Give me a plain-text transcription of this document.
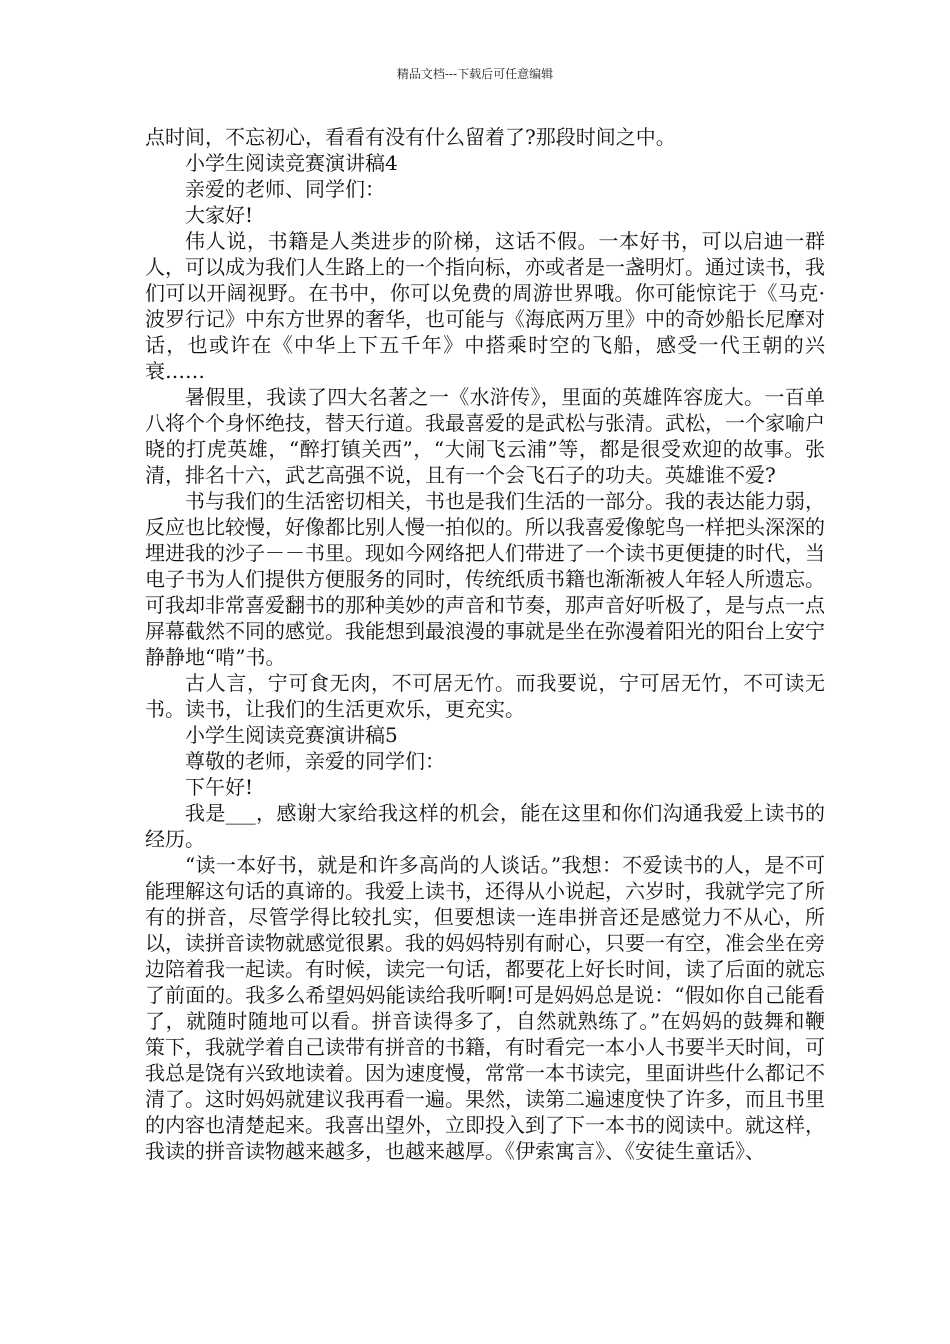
精品文档---下载后可任意编辑

点时间，不忘初心，看看有没有什么留着了?那段时间之中。

小学生阅读竞赛演讲稿4

亲爱的老师、同学们：

大家好!

伟人说，书籍是人类进步的阶梯，这话不假。一本好书，可以启迪一群人，可以成为我们人生路上的一个指向标，亦或者是一盏明灯。通过读书，我们可以开阔视野。在书中，你可以免费的周游世界哦。你可能惊诧于《马克·波罗行记》中东方世界的奢华，也可能与《海底两万里》中的奇妙船长尼摩对话，也或许在《中华上下五千年》中搭乘时空的飞船，感受一代王朝的兴衰……

暑假里，我读了四大名著之一《水浒传》，里面的英雄阵容庞大。一百单八将个个身怀绝技，替天行道。我最喜爱的是武松与张清。武松，一个家喻户晓的打虎英雄，“醉打镇关西”，“大闹飞云浦”等，都是很受欢迎的故事。张清，排名十六，武艺高强不说，且有一个会飞石子的功夫。英雄谁不爱?

书与我们的生活密切相关，书也是我们生活的一部分。我的表达能力弱，反应也比较慢，好像都比别人慢一拍似的。所以我喜爱像鸵鸟一样把头深深的埋进我的沙子－－书里。现如今网络把人们带进了一个读书更便捷的时代，当电子书为人们提供方便服务的同时，传统纸质书籍也渐渐被人年轻人所遗忘。可我却非常喜爱翻书的那种美妙的声音和节奏，那声音好听极了，是与点一点屏幕截然不同的感觉。我能想到最浪漫的事就是坐在弥漫着阳光的阳台上安宁静静地“啃”书。

古人言，宁可食无肉，不可居无竹。而我要说，宁可居无竹，不可读无书。读书，让我们的生活更欢乐，更充实。

小学生阅读竞赛演讲稿5

尊敬的老师，亲爱的同学们：

下午好!

我是___，感谢大家给我这样的机会，能在这里和你们沟通我爱上读书的经历。

“读一本好书，就是和许多高尚的人谈话。”我想：不爱读书的人，是不可能理解这句话的真谛的。我爱上读书，还得从小说起，六岁时，我就学完了所有的拼音，尽管学得比较扎实，但要想读一连串拼音还是感觉力不从心，所以，读拼音读物就感觉很累。我的妈妈特别有耐心，只要一有空，准会坐在旁边陪着我一起读。有时候，读完一句话，都要花上好长时间，读了后面的就忘了前面的。我多么希望妈妈能读给我听啊!可是妈妈总是说：“假如你自己能看了，就随时随地可以看。拼音读得多了，自然就熟练了。”在妈妈的鼓舞和鞭策下，我就学着自己读带有拼音的书籍，有时看完一本小人书要半天时间，可我总是饶有兴致地读着。因为速度慢，常常一本书读完，里面讲些什么都记不清了。这时妈妈就建议我再看一遍。果然，读第二遍速度快了许多，而且书里的内容也清楚起来。我喜出望外，立即投入到了下一本书的阅读中。就这样，我读的拼音读物越来越多，也越来越厚。《伊索寓言》、《安徒生童话》、
